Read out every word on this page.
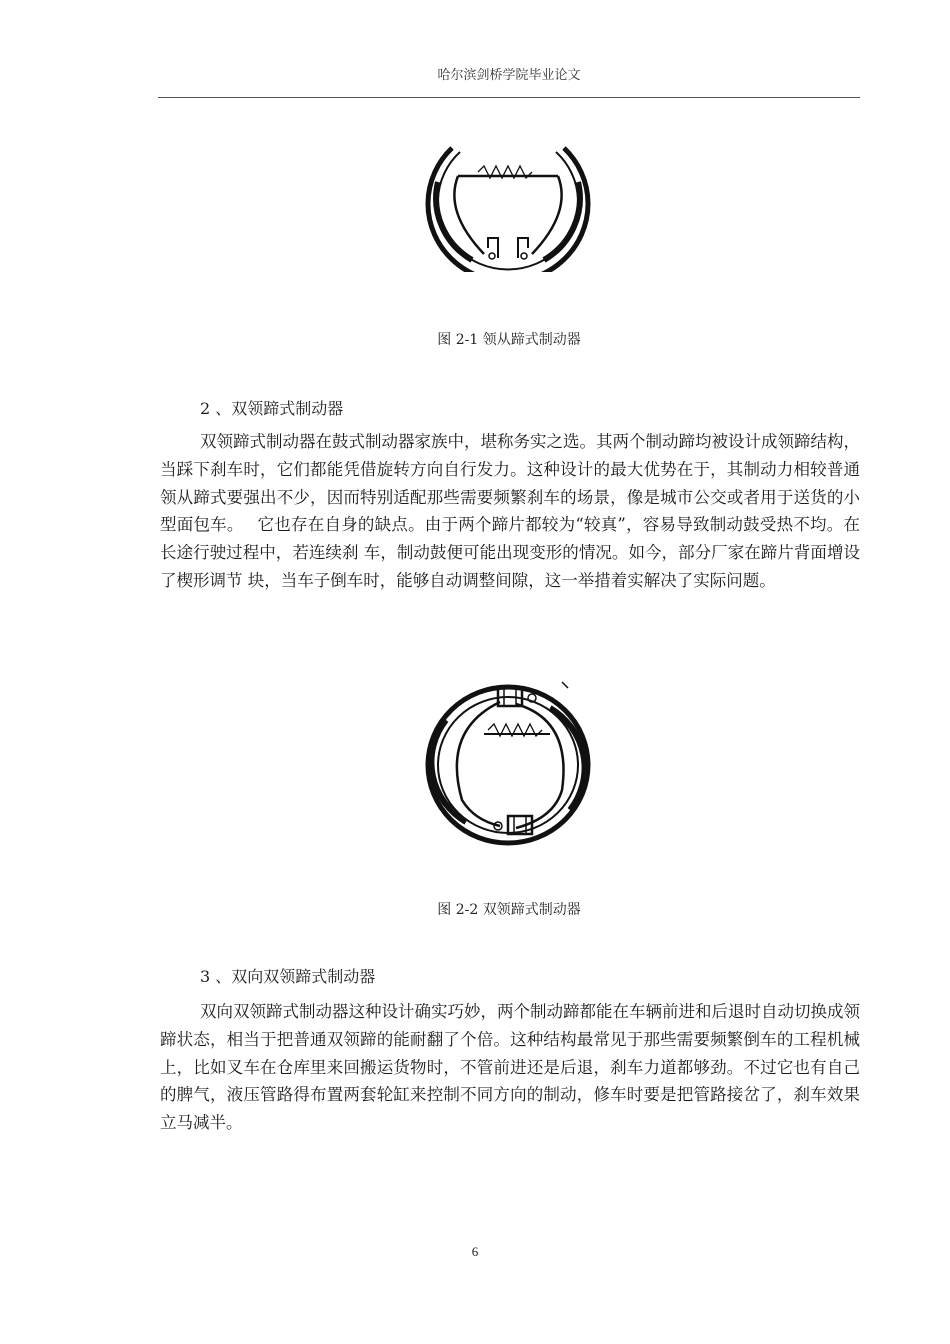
哈尔滨剑桥学院毕业论文
图 2-1 领从蹄式制动器
2 、双领蹄式制动器

双领蹄式制动器在鼓式制动器家族中，堪称务实之选。其两个制动蹄均被设计成领蹄结构，当踩下刹车时，它们都能凭借旋转方向自行发力。这种设计的最大优势在于，其制动力相较普通领从蹄式要强出不少，因而特别适配那些需要频繁刹车的场景，像是城市公交或者用于送货的小型面包车。　 它也存在自身的缺点。由于两个蹄片都较为“较真”，容易导致制动鼓受热不均。在长途行驶过程中，若连续刹 车，制动鼓便可能出现变形的情况。如今，部分厂家在蹄片背面增设了楔形调节 块，当车子倒车时，能够自动调整间隙，这一举措着实解决了实际问题。

图 2-2 双领蹄式制动器
3 、双向双领蹄式制动器

双向双领蹄式制动器这种设计确实巧妙，两个制动蹄都能在车辆前进和后退时自动切换成领蹄状态，相当于把普通双领蹄的能耐翻了个倍。这种结构最常见于那些需要频繁倒车的工程机械上，比如叉车在仓库里来回搬运货物时，不管前进还是后退，刹车力道都够劲。不过它也有自己的脾气，液压管路得布置两套轮缸来控制不同方向的制动，修车时要是把管路接岔了，刹车效果立马减半。

6
